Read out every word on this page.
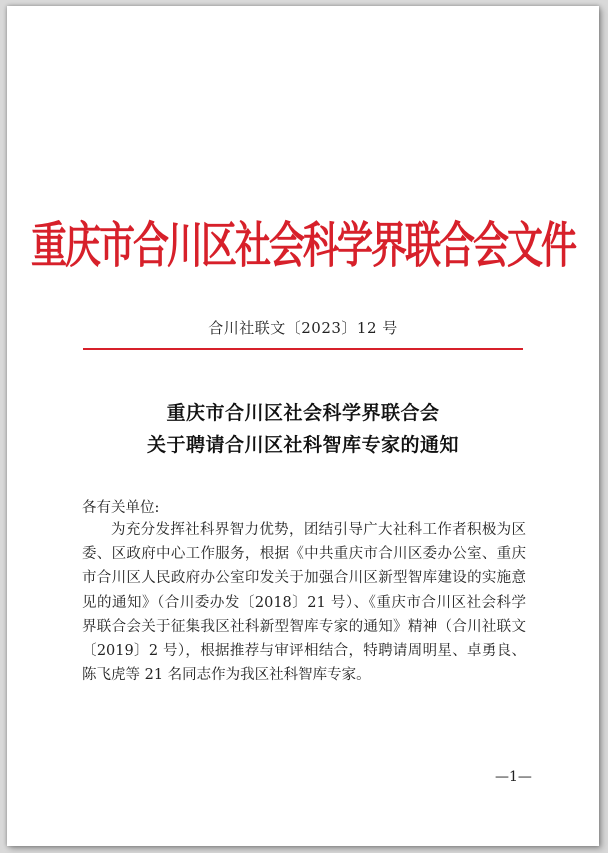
重庆市合川区社会科学界联合会文件
合川社联文〔2023〕12 号
重庆市合川区社会科学界联合会
关于聘请合川区社科智库专家的通知
各有关单位:

为充分发挥社科界智力优势，团结引导广大社科工作者积极为区委、区政府中心工作服务，根据《中共重庆市合川区委办公室、重庆市合川区人民政府办公室印发关于加强合川区新型智库建设的实施意见的通知》（合川委办发〔2018〕21 号）、《重庆市合川区社会科学界联合会关于征集我区社科新型智库专家的通知》精神（合川社联文〔2019〕2 号），根据推荐与审评相结合，特聘请周明星、卓勇良、陈飞虎等 21 名同志作为我区社科智库专家。

—1—
